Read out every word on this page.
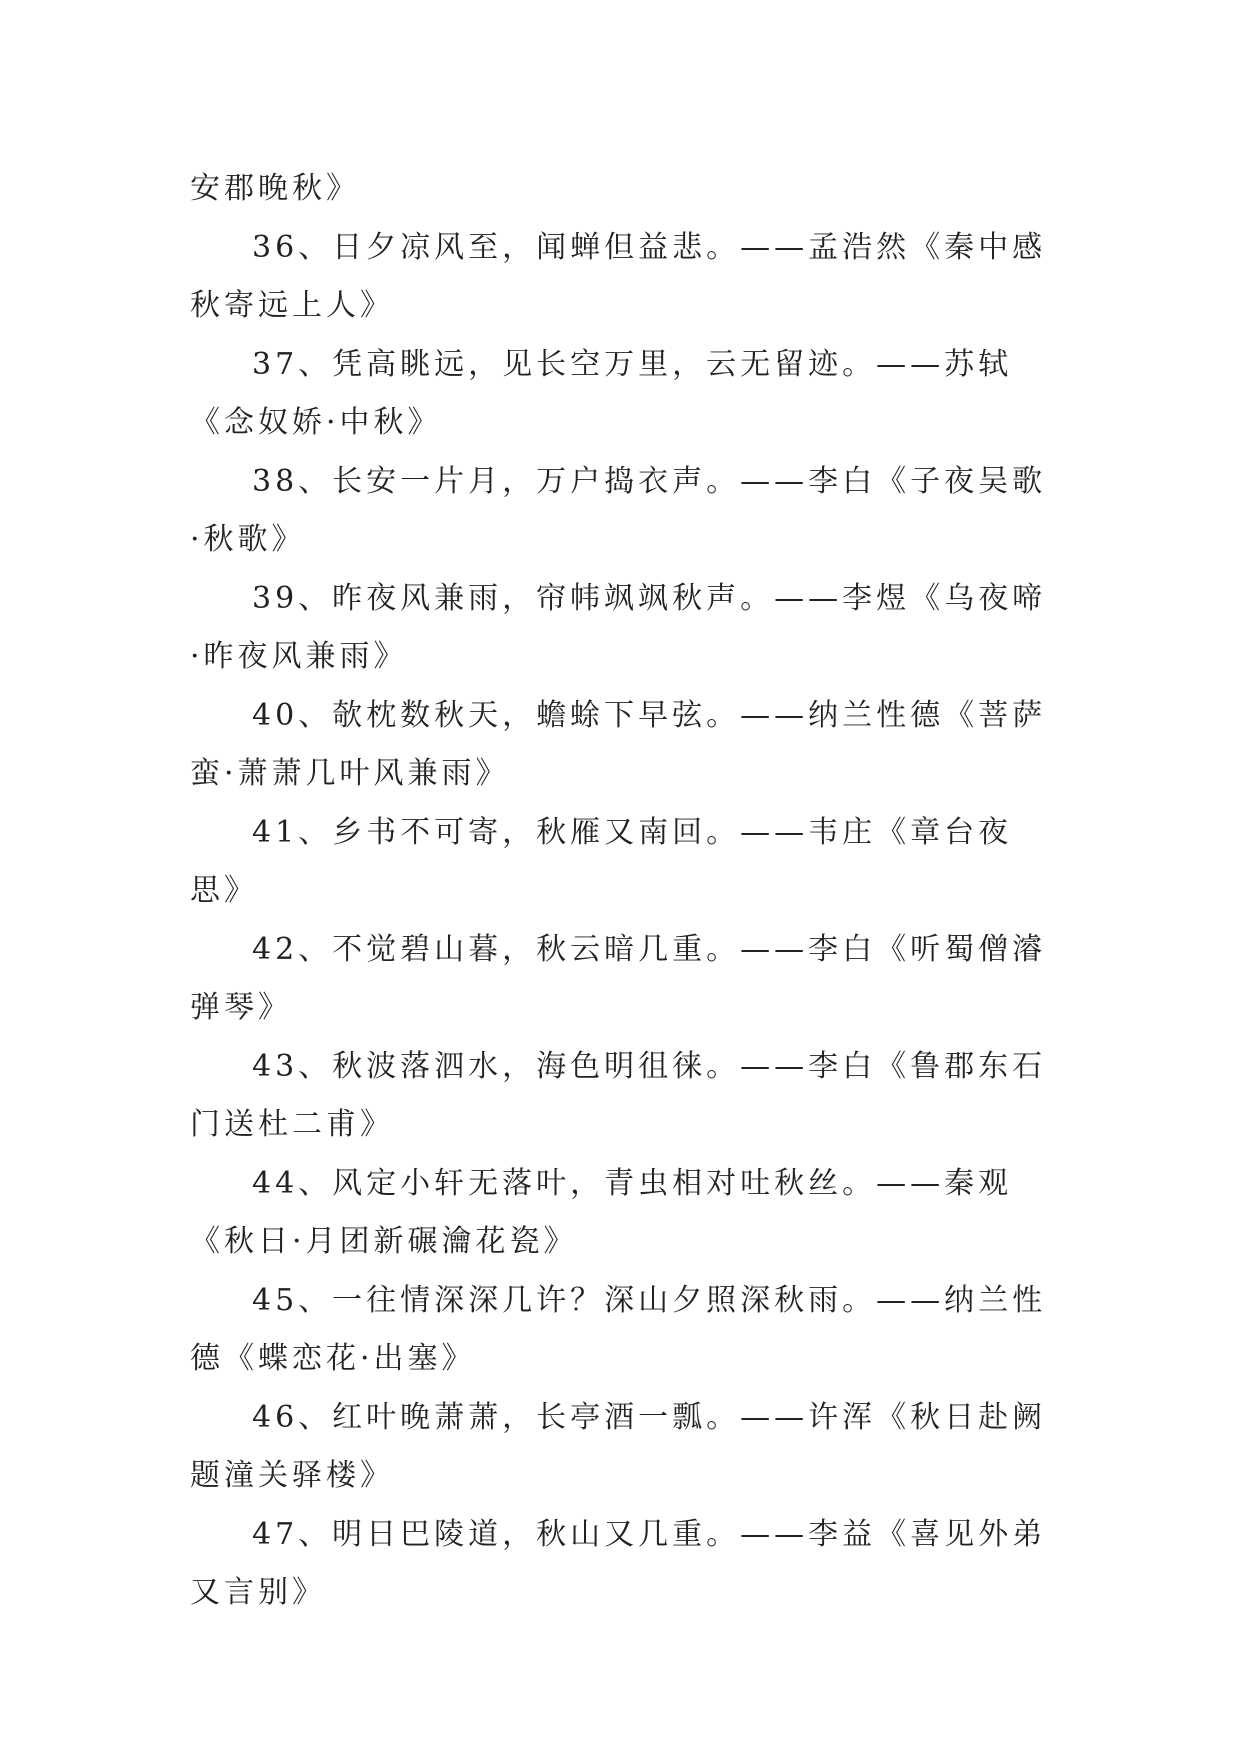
安郡晚秋》

36、日夕凉风至，闻蝉但益悲。——孟浩然《秦中感秋寄远上人》

37、凭高眺远，见长空万里，云无留迹。——苏轼《念奴娇·中秋》

38、长安一片月，万户捣衣声。——李白《子夜吴歌·秋歌》

39、昨夜风兼雨，帘帏飒飒秋声。——李煜《乌夜啼·昨夜风兼雨》

40、欹枕数秋天，蟾蜍下早弦。——纳兰性德《菩萨蛮·萧萧几叶风兼雨》

41、乡书不可寄，秋雁又南回。——韦庄《章台夜思》

42、不觉碧山暮，秋云暗几重。——李白《听蜀僧濬弹琴》

43、秋波落泗水，海色明徂徕。——李白《鲁郡东石门送杜二甫》

44、风定小轩无落叶，青虫相对吐秋丝。——秦观《秋日·月团新碾瀹花瓷》

45、一往情深深几许？深山夕照深秋雨。——纳兰性德《蝶恋花·出塞》

46、红叶晚萧萧，长亭酒一瓢。——许浑《秋日赴阙题潼关驿楼》

47、明日巴陵道，秋山又几重。——李益《喜见外弟又言别》
